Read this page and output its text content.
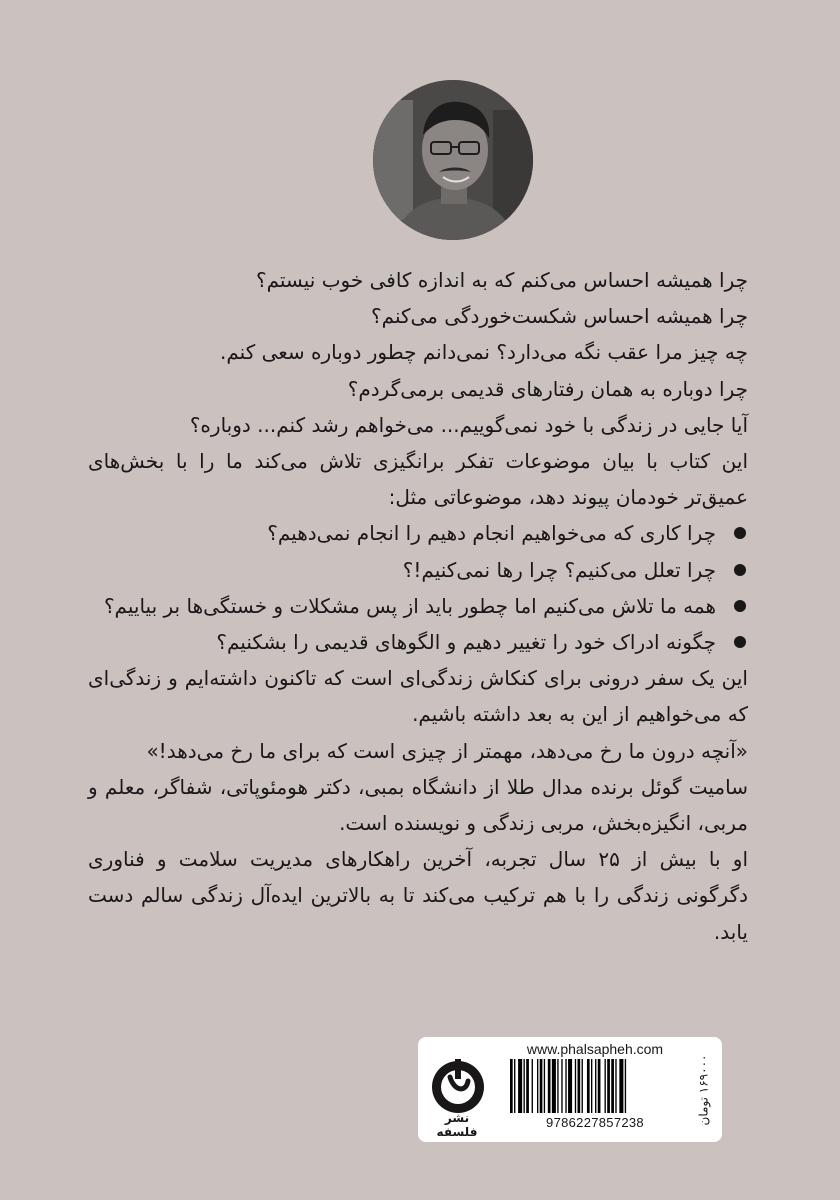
چرا همیشه احساس می‌کنم که به اندازه کافی خوب نیستم؟

چرا همیشه احساس شکست‌خوردگی می‌کنم؟

چه چیز مرا عقب نگه می‌دارد؟ نمی‌دانم چطور دوباره سعی کنم.

چرا دوباره به همان رفتارهای قدیمی برمی‌گردم؟

آیا جایی در زندگی با خود نمی‌گوییم... می‌خواهم رشد کنم... دوباره؟

این کتاب با بیان موضوعات تفکر برانگیزی تلاش می‌کند ما را با بخش‌های عمیق‌تر خودمان پیوند دهد، موضوعاتی مثل:

چرا کاری که می‌خواهیم انجام دهیم را انجام نمی‌دهیم؟
چرا تعلل می‌کنیم؟ چرا رها نمی‌کنیم!؟
همه ما تلاش می‌کنیم اما چطور باید از پس مشکلات و خستگی‌ها بر بیاییم؟
چگونه ادراک خود را تغییر دهیم و الگوهای قدیمی را بشکنیم؟

این یک سفر درونی برای کنکاش زندگی‌ای است که تاکنون داشته‌ایم و زندگی‌ای که می‌خواهیم از این به بعد داشته باشیم.

«آنچه درون ما رخ می‌دهد، مهمتر از چیزی است که برای ما رخ می‌دهد!»

سامیت گوئل برنده مدال طلا از دانشگاه بمبی، دکتر هومئوپاتی، شفاگر، معلم و مربی، انگیزه‌بخش، مربی زندگی و نویسنده است.

او با بیش از ۲۵ سال تجربه، آخرین راهکارهای مدیریت سلامت و فناوری دگرگونی زندگی را با هم ترکیب می‌کند تا به بالاترین ایده‌آل زندگی سالم دست یابد.

نشر فلسفه
www.phalsapheh.com
9786227857238	۱۶۹۰۰۰ تومان
